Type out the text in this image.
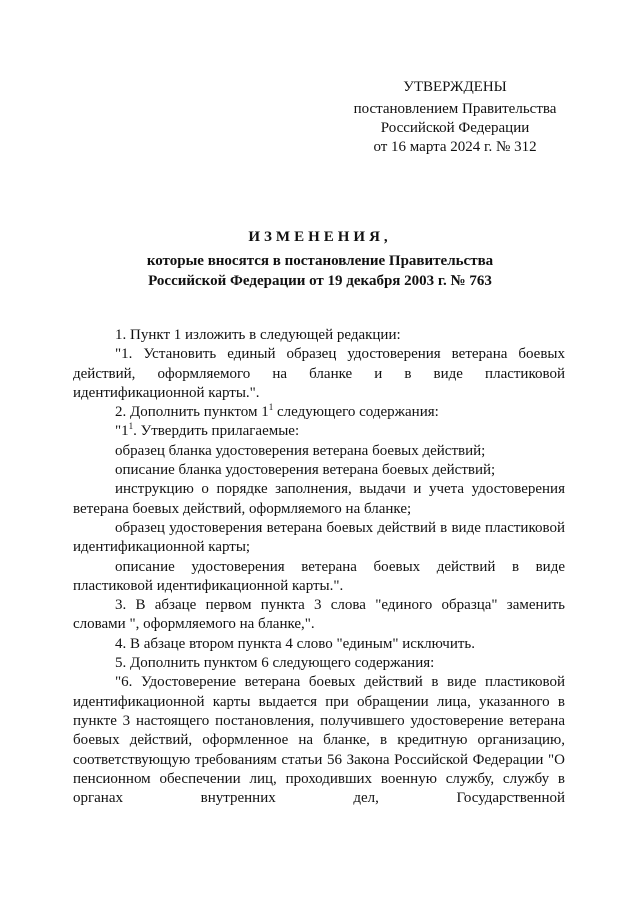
УТВЕРЖДЕНЫ
постановлением Правительства
Российской Федерации
от 16 марта 2024 г. № 312
ИЗМЕНЕНИЯ,
которые вносятся в постановление Правительства
Российской Федерации от 19 декабря 2003 г. № 763

1. Пункт 1 изложить в следующей редакции:

"1. Установить единый образец удостоверения ветерана боевых действий, оформляемого на бланке и в виде пластиковой идентификационной карты.".

2. Дополнить пунктом $1^1$ следующего содержания:

"$1^1$. Утвердить прилагаемые:

образец бланка удостоверения ветерана боевых действий;

описание бланка удостоверения ветерана боевых действий;

инструкцию о порядке заполнения, выдачи и учета удостоверения ветерана боевых действий, оформляемого на бланке;

образец удостоверения ветерана боевых действий в виде пластиковой идентификационной карты;

описание удостоверения ветерана боевых действий в виде пластиковой идентификационной карты.".

3. В абзаце первом пункта 3 слова "единого образца" заменить словами ", оформляемого на бланке,".

4. В абзаце втором пункта 4 слово "единым" исключить.

5. Дополнить пунктом 6 следующего содержания:

"6. Удостоверение ветерана боевых действий в виде пластиковой идентификационной карты выдается при обращении лица, указанного в пункте 3 настоящего постановления, получившего удостоверение ветерана боевых действий, оформленное на бланке, в кредитную организацию, соответствующую требованиям статьи 56 Закона Российской Федерации "О пенсионном обеспечении лиц, проходивших военную службу, службу в органах внутренних дел, Государственной
